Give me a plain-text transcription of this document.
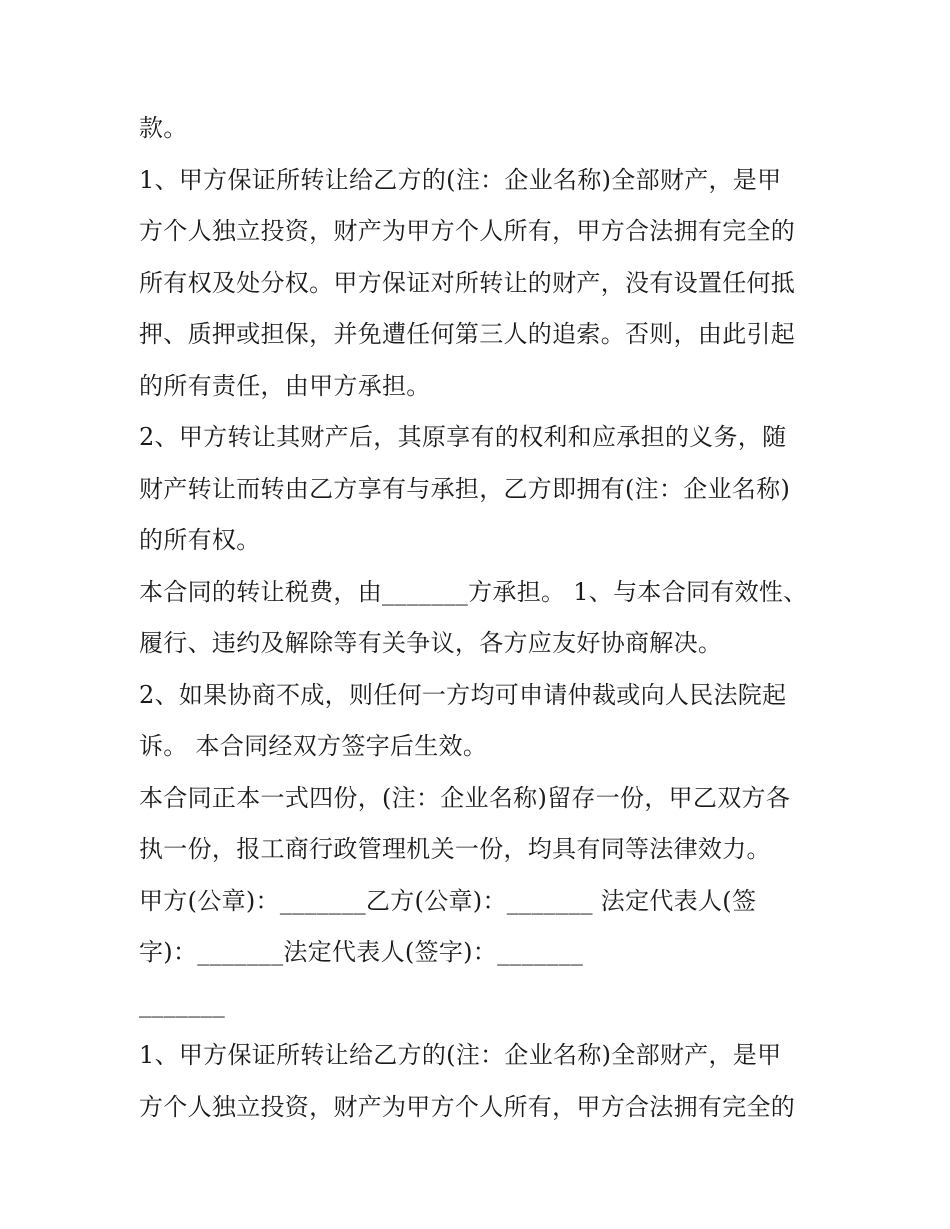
款。
1、甲方保证所转让给乙方的(注：企业名称)全部财产，是甲
方个人独立投资，财产为甲方个人所有，甲方合法拥有完全的
所有权及处分权。甲方保证对所转让的财产，没有设置任何抵
押、质押或担保，并免遭任何第三人的追索。否则，由此引起
的所有责任，由甲方承担。
2、甲方转让其财产后，其原享有的权利和应承担的义务，随
财产转让而转由乙方享有与承担，乙方即拥有(注：企业名称)
的所有权。
本合同的转让税费，由_______方承担。 1、与本合同有效性、
履行、违约及解除等有关争议，各方应友好协商解决。
2、如果协商不成，则任何一方均可申请仲裁或向人民法院起
诉。 本合同经双方签字后生效。
本合同正本一式四份，(注：企业名称)留存一份，甲乙双方各
执一份，报工商行政管理机关一份，均具有同等法律效力。
甲方(公章)：_______乙方(公章)：_______ 法定代表人(签
字)：_______法定代表人(签字)：_______
_______
1、甲方保证所转让给乙方的(注：企业名称)全部财产，是甲
方个人独立投资，财产为甲方个人所有，甲方合法拥有完全的
